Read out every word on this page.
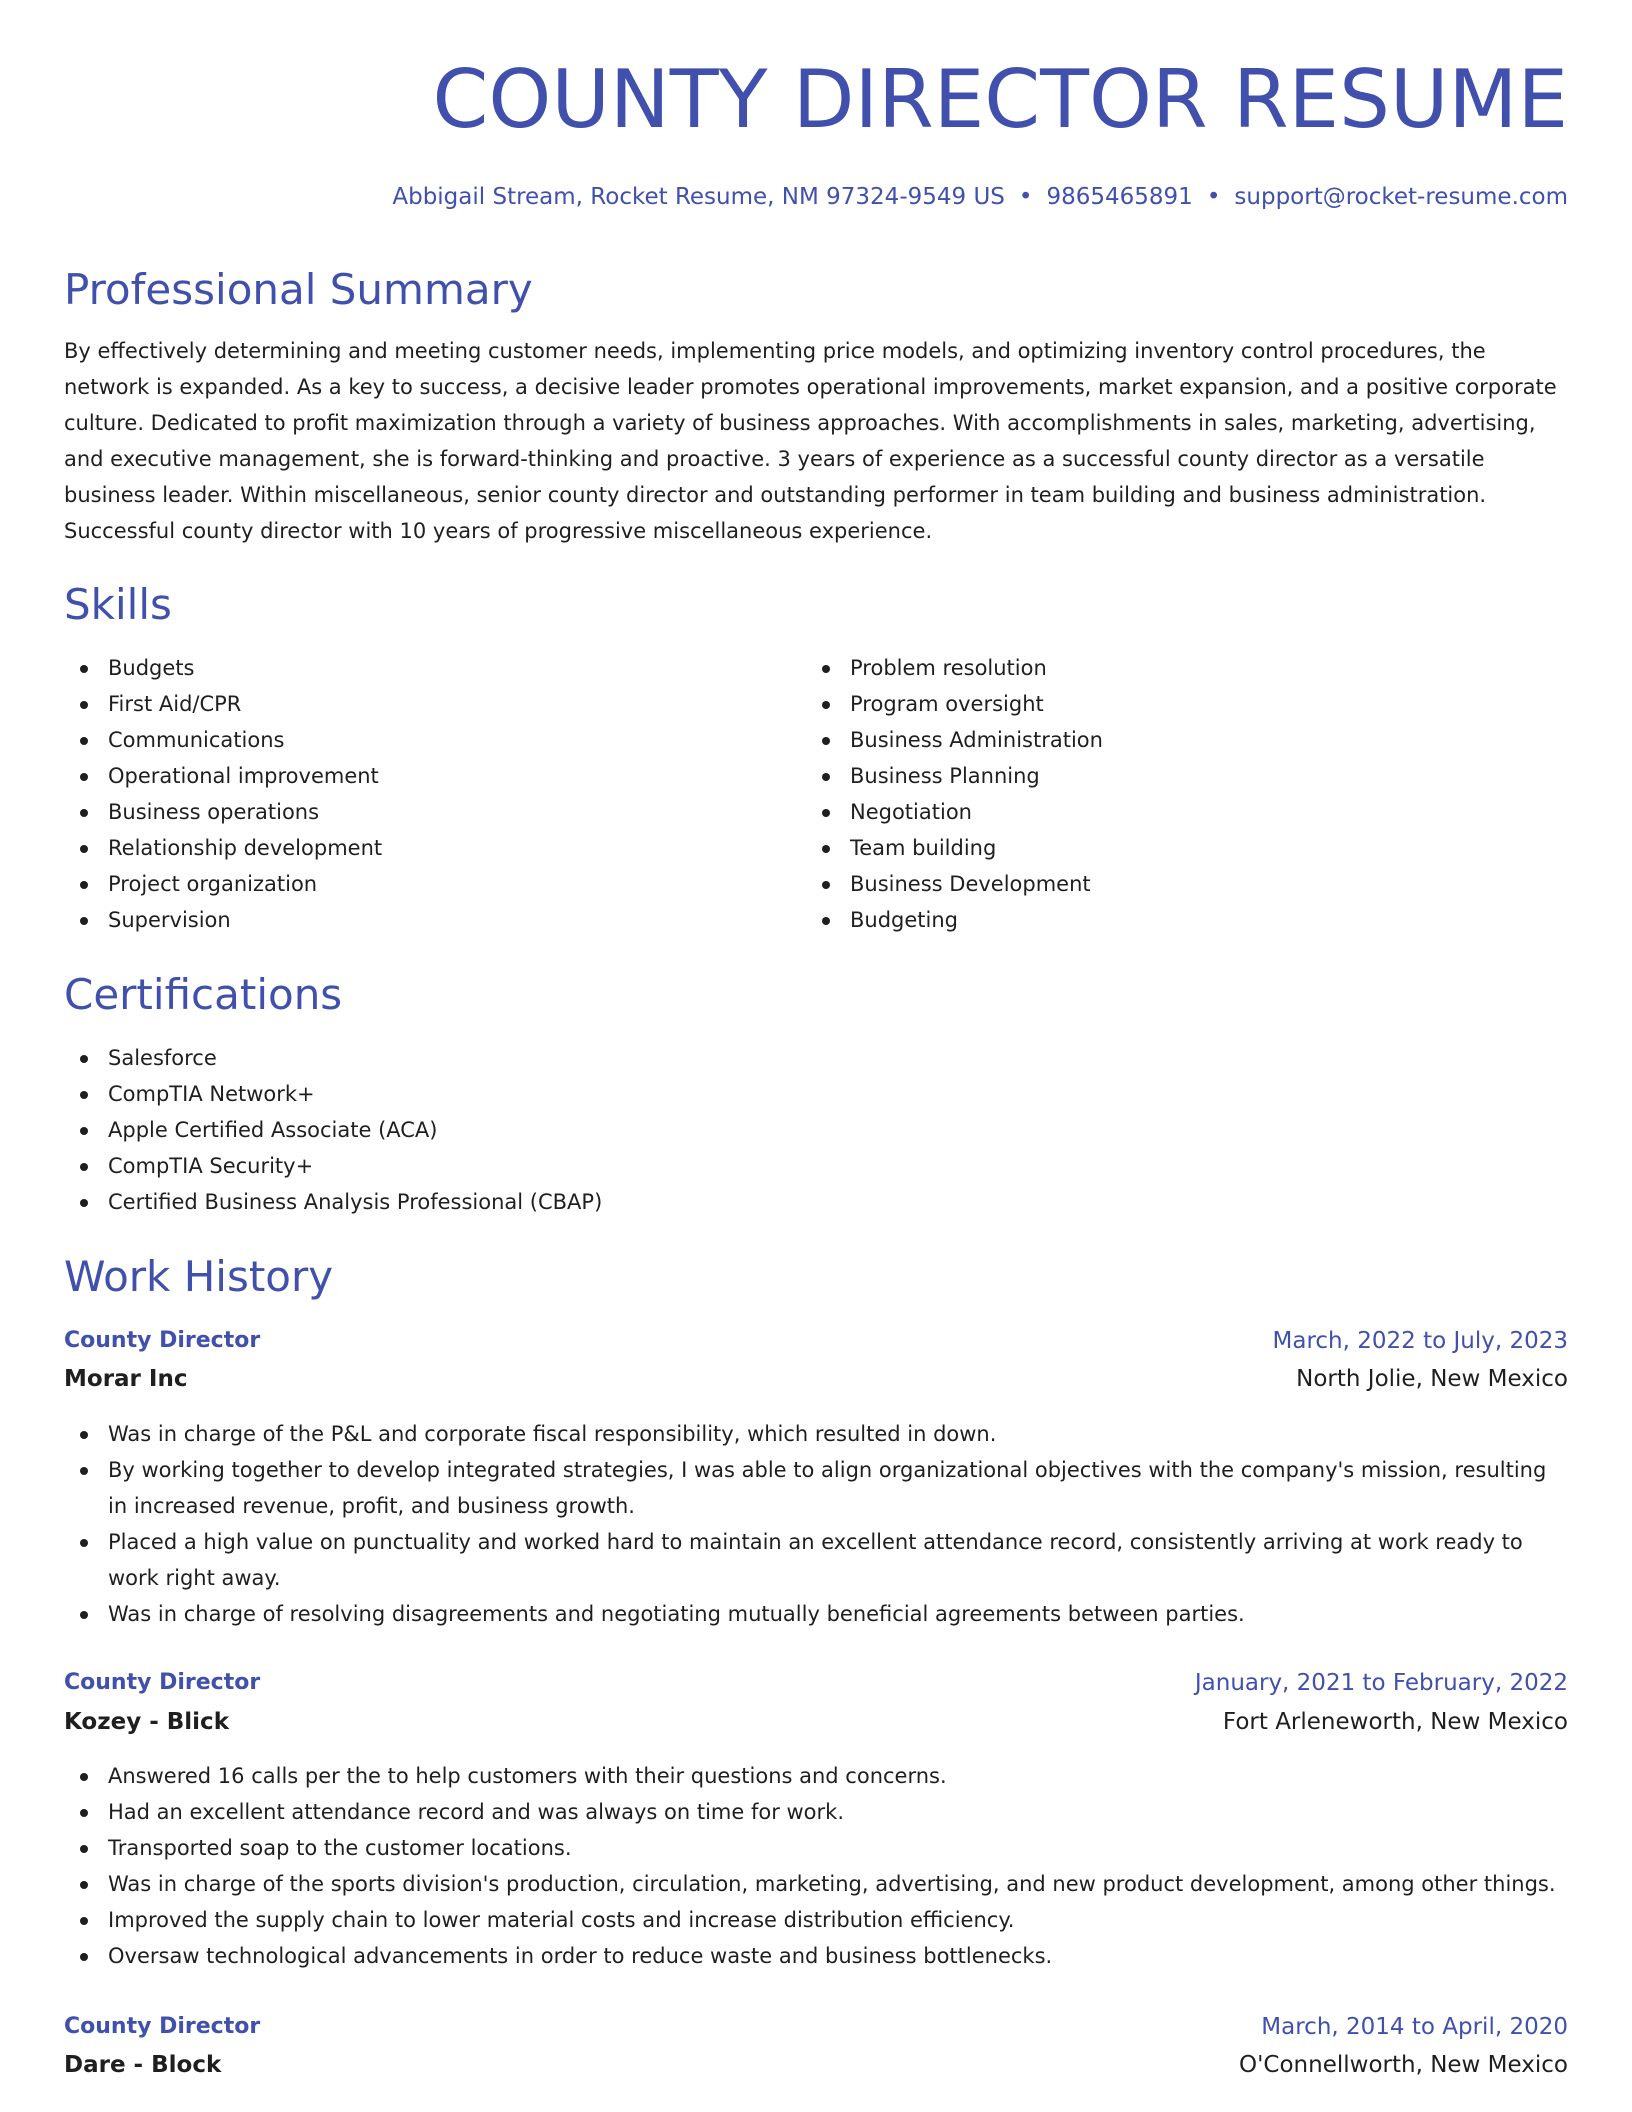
COUNTY DIRECTOR RESUME
Abbigail Stream, Rocket Resume, NM 97324-9549 US • 9865465891 • support@rocket-resume.com
Professional Summary

By effectively determining and meeting customer needs, implementing price models, and optimizing inventory control procedures, the network is expanded. As a key to success, a decisive leader promotes operational improvements, market expansion, and a positive corporate culture. Dedicated to profit maximization through a variety of business approaches. With accomplishments in sales, marketing, advertising, and executive management, she is forward-thinking and proactive. 3 years of experience as a successful county director as a versatile business leader. Within miscellaneous, senior county director and outstanding performer in team building and business administration. Successful county director with 10 years of progressive miscellaneous experience.

Skills
Budgets
First Aid/CPR
Communications
Operational improvement
Business operations
Relationship development
Project organization
Supervision
Problem resolution
Program oversight
Business Administration
Business Planning
Negotiation
Team building
Business Development
Budgeting
Certifications
Salesforce
CompTIA Network+
Apple Certified Associate (ACA)
CompTIA Security+
Certified Business Analysis Professional (CBAP)
Work History
County Director	March, 2022 to July, 2023
Morar Inc	North Jolie, New Mexico
Was in charge of the P&L and corporate fiscal responsibility, which resulted in down.
By working together to develop integrated strategies, I was able to align organizational objectives with the company's mission, resulting in increased revenue, profit, and business growth.
Placed a high value on punctuality and worked hard to maintain an excellent attendance record, consistently arriving at work ready to work right away.
Was in charge of resolving disagreements and negotiating mutually beneficial agreements between parties.
County Director	January, 2021 to February, 2022
Kozey - Blick	Fort Arleneworth, New Mexico
Answered 16 calls per the to help customers with their questions and concerns.
Had an excellent attendance record and was always on time for work.
Transported soap to the customer locations.
Was in charge of the sports division's production, circulation, marketing, advertising, and new product development, among other things.
Improved the supply chain to lower material costs and increase distribution efficiency.
Oversaw technological advancements in order to reduce waste and business bottlenecks.
County Director	March, 2014 to April, 2020
Dare - Block	O'Connellworth, New Mexico
